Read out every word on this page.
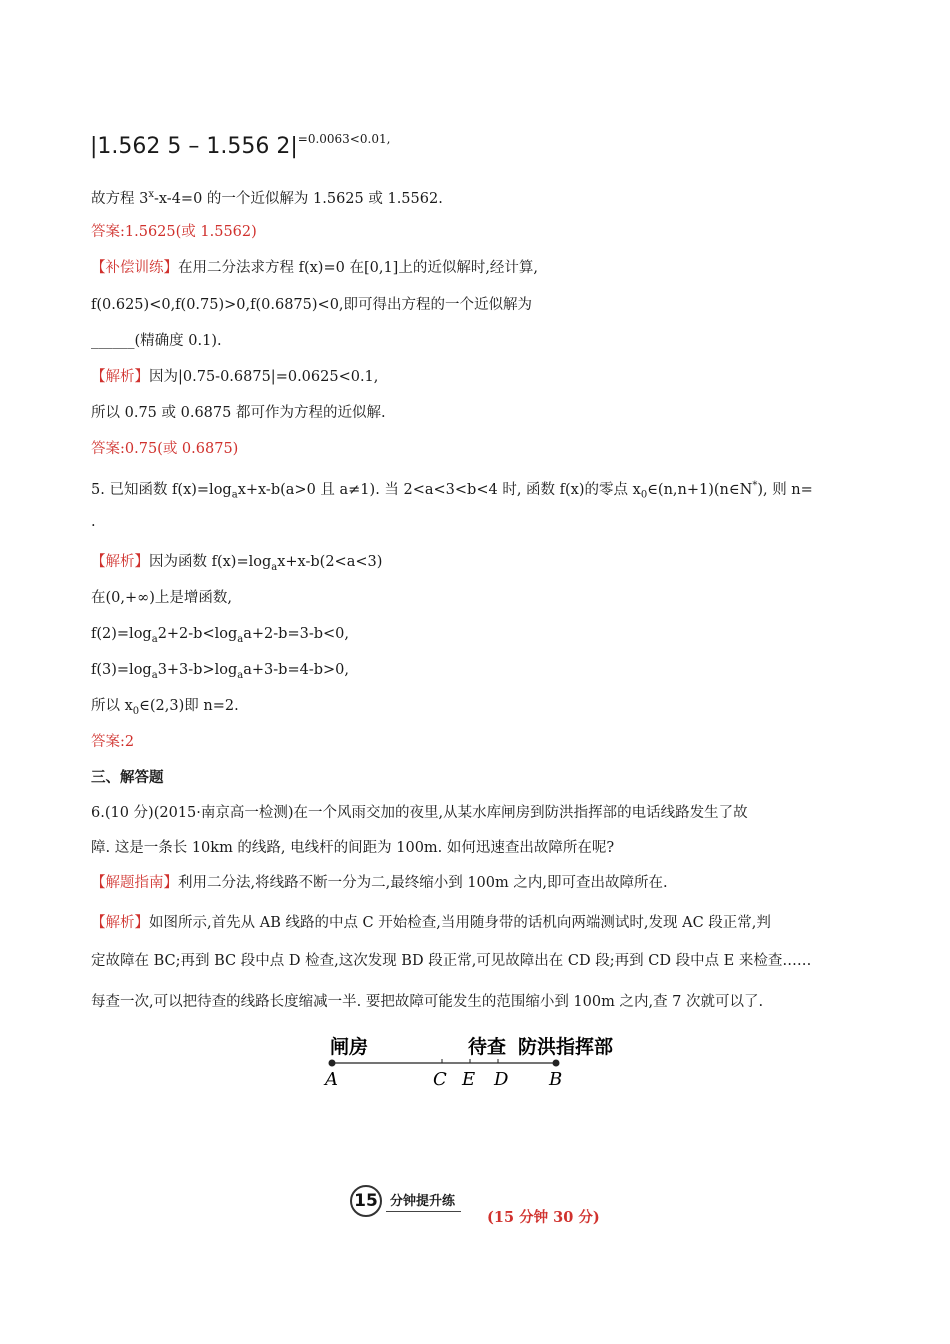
|1.562 5 – 1.556 $2|^{=0.0063<0.01,}$
故方程 $3^x-x-4=0$ 的一个近似解为 1.5625 或 1.5562.
答案:1.5625(或 1.5562)
【补偿训练】在用二分法求方程 f(x)=0 在[0,1]上的近似解时,经计算,
f(0.625)<0,f(0.75)>0,f(0.6875)<0,即可得出方程的一个近似解为
______(精确度 0.1).
【解析】因为|0.75-0.6875|=0.0625<0.1,
所以 0.75 或 0.6875 都可作为方程的近似解.
答案:0.75(或 0.6875)
5. 已知函数 $f(x)=\log_ax+x-b(a>0$ 且 a≠1). 当 2<a<3<b<4 时, 函数 f(x)的零点 $x_0\in(n,n+1)(n\in N^*)$, 则 n=
.
【解析】因为函数 $f(x)=\log_ax+x-b(2<a<3)$
在(0,+∞)上是增函数,
$f(2)=\log_a2+2-b<\log_aa+2-b=3-b<0$,
$f(3)=\log_a3+3-b>\log_aa+3-b=4-b>0$,
所以 $x_0\in(2,3)$即 n=2.
答案:2
三、解答题
6.(10 分)(2015·南京高一检测)在一个风雨交加的夜里,从某水库闸房到防洪指挥部的电话线路发生了故
障. 这是一条长 10km 的线路, 电线杆的间距为 100m. 如何迅速查出故障所在呢?
【解题指南】利用二分法,将线路不断一分为二,最终缩小到 100m 之内,即可查出故障所在.
【解析】如图所示,首先从 AB 线路的中点 C 开始检查,当用随身带的话机向两端测试时,发现 AC 段正常,判
定故障在 BC;再到 BC 段中点 D 检查,这次发现 BD 段正常,可见故障出在 CD 段;再到 CD 段中点 E 来检查……
每查一次,可以把待查的线路长度缩减一半. 要把故障可能发生的范围缩小到 100m 之内,查 7 次就可以了.
闸房	待查 防洪指挥部
A	C E D B
15 分钟提升练
(15 分钟 30 分)
